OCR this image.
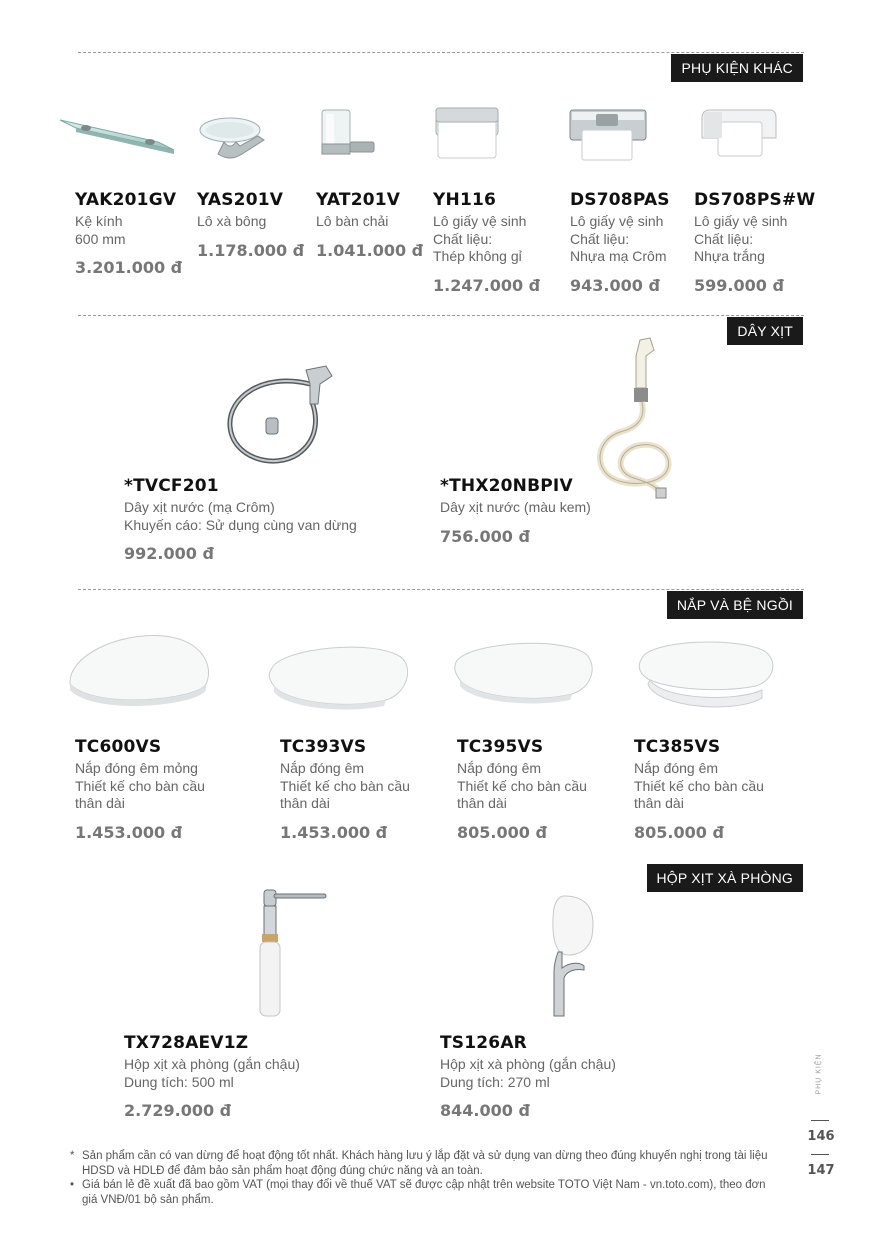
PHỤ KIỆN KHÁC
YAK201GV
Kệ kính
600 mm
3.201.000 đ
YAS201V
Lô xà bông
1.178.000 đ
YAT201V
Lô bàn chải
1.041.000 đ
YH116
Lô giấy vệ sinh
Chất liệu:
Thép không gỉ
1.247.000 đ
DS708PAS
Lô giấy vệ sinh
Chất liệu:
Nhựa mạ Crôm
943.000 đ
DS708PS#W
Lô giấy vệ sinh
Chất liệu:
Nhựa trắng
599.000 đ
DÂY XỊT
*TVCF201
Dây xịt nước (mạ Crôm)
Khuyến cáo: Sử dụng cùng van dừng
992.000 đ
*THX20NBPIV
Dây xịt nước (màu kem)
756.000 đ
NẮP VÀ BỆ NGỒI
TC600VS
Nắp đóng êm mỏng
Thiết kế cho bàn cầu
thân dài
1.453.000 đ
TC393VS
Nắp đóng êm
Thiết kế cho bàn cầu
thân dài
1.453.000 đ
TC395VS
Nắp đóng êm
Thiết kế cho bàn cầu
thân dài
805.000 đ
TC385VS
Nắp đóng êm
Thiết kế cho bàn cầu
thân dài
805.000 đ
HỘP XỊT XÀ PHÒNG
TX728AEV1Z
Hộp xịt xà phòng (gắn chậu)
Dung tích: 500 ml
2.729.000 đ
TS126AR
Hộp xịt xà phòng (gắn chậu)
Dung tích: 270 ml
844.000 đ
PHỤ KIỆN
146
147
* Sản phẩm cần có van dừng để hoạt động tốt nhất. Khách hàng lưu ý lắp đặt và sử dụng van dừng theo đúng khuyến nghị trong tài liệu HDSD và HDLĐ để đảm bảo sản phẩm hoạt động đúng chức năng và an toàn.
• Giá bán lẻ đề xuất đã bao gồm VAT (mọi thay đổi về thuế VAT sẽ được cập nhật trên website TOTO Việt Nam - vn.toto.com), theo đơn giá VNĐ/01 bộ sản phẩm.
